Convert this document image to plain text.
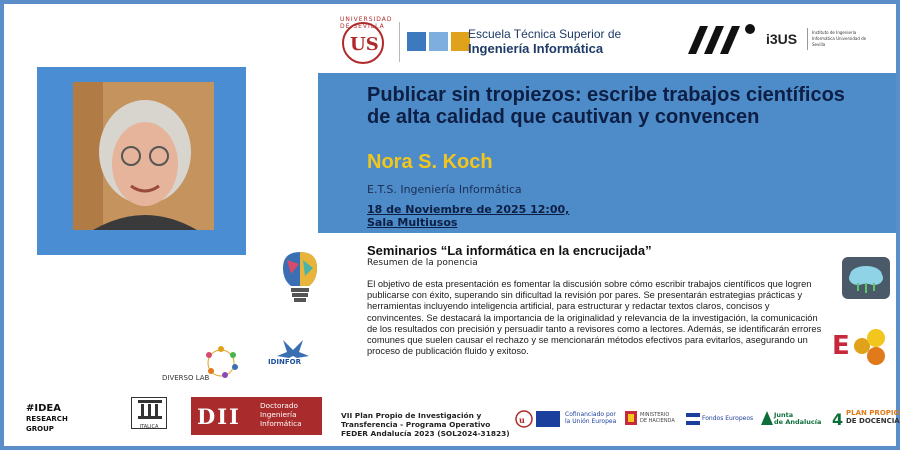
UNIVERSIDAD DE SEVILLA
US	Escuela Técnica Superior de
Ingeniería Informática
i3US	Instituto de Ingeniería Informática Universidad de Sevilla
Publicar sin tropiezos: escribe trabajos científicos de alta calidad que cautivan y convencen
Nora S. Koch
E.T.S. Ingeniería Informática
18 de Noviembre de 2025 12:00, Sala Multiusos
Seminarios “La informática en la encrucijada”
Resumen de la ponencia
El objetivo de esta presentación es fomentar la discusión sobre cómo escribir trabajos científicos que logren publicarse con éxito, superando sin dificultad la revisión por pares. Se presentarán estrategias prácticas y herramientas incluyendo inteligencia artificial, para estructurar y redactar textos claros, concisos y convincentes. Se destacará la importancia de la originalidad y relevancia de la investigación, la comunicación de los resultados con precisión y persuadir tanto a revisores como a lectores. Además, se identificarán errores comunes que suelen causar el rechazo y se mencionarán métodos efectivos para evitarlos, asegurando un proceso de publicación fluido y exitoso.
DIVERSO LAB
IDINFOR
E
#IDEA
RESEARCH
GROUP	ITALICA	DII	Doctorado
Ingeniería
Informática
VII Plan Propio de Investigación y
Transferencia - Programa Operativo
FEDER Andalucía 2023 (SOL2024-31823)
u
Cofinanciado por
la Unión Europea
MINISTERIO
DE HACIENDA	Fondos Europeos	Junta
de Andalucía 4 PLAN PROPIO
DE DOCENCIA
